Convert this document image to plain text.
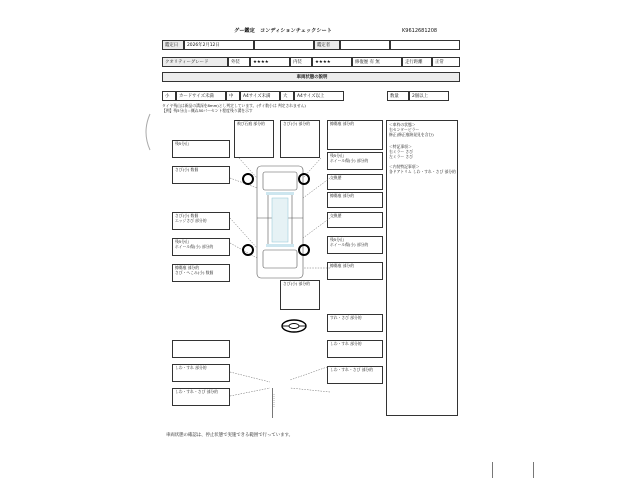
グー鑑定　コンディションチェックシート	K9612681208
鑑定日	2026年2月12日	鑑定者
クオリティーグレード	外装	★★★★	内装	★★★★	修復歴 有 無	走行距離	正常
車両状態の説明
小	カードサイズ未満	中	A4サイズ未満	大	A4サイズ以上	数量	2個以上
タイヤ残山は新品の溝深を8mm)とし判定しています。(サイ数小は 判定されません)
【例】残5分山＝概ね50パーセント程度残り溝を示す
残5分山
さび(小) 数個
さび(小) 数個
エッジさび 部分的
残5分山
ホイール傷(小) 部分的
擦傷痕 部分的
さび・へこみ(小) 数個
しわ・すれ 部分的
しわ・すれ・さび 部分的
飛び石痕 部分的	さび(小) 部分的
さび(小) 部分的
擦傷痕 部分的
残5分山
ホイール傷(小) 部分的
交換歴
擦傷痕 部分的
交換歴
残5分山
ホイール傷(小) 部分的
擦傷痕 部分的
すれ・さび 部分的
しわ・すれ 部分的
しわ・すれ・さび 部分的
＜車枠の状態＞
右センターピラー
修正(修正痕跡発見を含む)
＜特記事項＞
右ミラー さび
左ミラー さび
＜内装特記事項＞
各ドアトリム しわ・すれ・さび 部分的
車両状態の確認は、停止状態で実施できる範囲で行っています。
